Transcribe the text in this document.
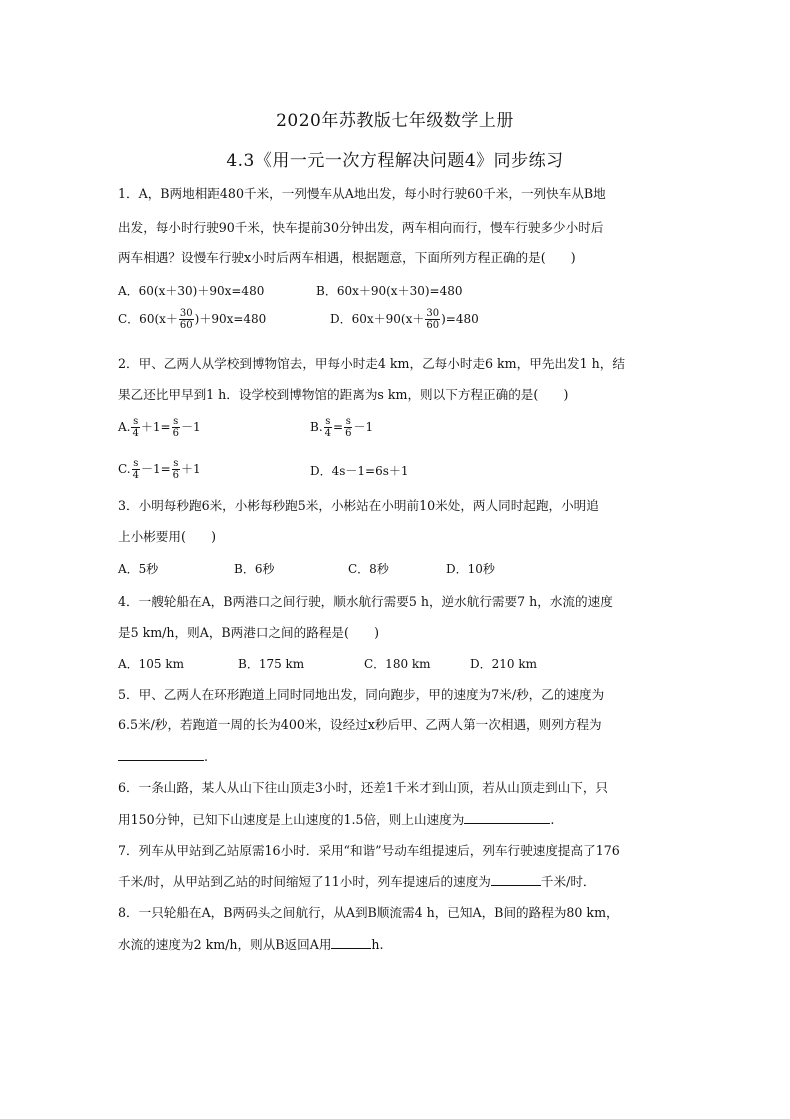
2020年苏教版七年级数学上册
4.3《用一元一次方程解决问题4》同步练习
1．A，B两地相距480千米，一列慢车从A地出发，每小时行驶60千米，一列快车从B地
出发，每小时行驶90千米，快车提前30分钟出发，两车相向而行，慢车行驶多少小时后
两车相遇？设慢车行驶x小时后两车相遇，根据题意，下面所列方程正确的是(　　)
A．60(x＋30)＋90x=480	B．60x＋90(x＋30)=480
C．$60(x+ \frac{30}{60} )+90x=480$	D．$60x+90(x+ \frac{30}{60} )=480$
2．甲、乙两人从学校到博物馆去，甲每小时走4 km，乙每小时走6 km，甲先出发1 h，结
果乙还比甲早到1 h．设学校到博物馆的距离为s km，则以下方程正确的是(　　)
A. $\frac{s}{4} +1= \frac{s}{6} -1$	B. $\frac{s}{4} = \frac{s}{6} -1$
C. $\frac{s}{4} -1= \frac{s}{6} +1$	D．4s－1=6s＋1
3．小明每秒跑6米，小彬每秒跑5米，小彬站在小明前10米处，两人同时起跑，小明追
上小彬要用(　　)
A．5秒	B．6秒	C．8秒	D．10秒
4．一艘轮船在A，B两港口之间行驶，顺水航行需要5 h，逆水航行需要7 h，水流的速度
是5 km/h，则A，B两港口之间的路程是(　　)
A．105 km	B．175 km	C．180 km	D．210 km
5．甲、乙两人在环形跑道上同时同地出发，同向跑步，甲的速度为7米/秒，乙的速度为
6.5米/秒，若跑道一周的长为400米，设经过x秒后甲、乙两人第一次相遇，则列方程为
.
6．一条山路，某人从山下往山顶走3小时，还差1千米才到山顶，若从山顶走到山下，只
用150分钟，已知下山速度是上山速度的1.5倍，则上山速度为	.
7．列车从甲站到乙站原需16小时．采用“和谐”号动车组提速后，列车行驶速度提高了176
千米/时，从甲站到乙站的时间缩短了11小时，列车提速后的速度为	千米/时．
8．一只轮船在A，B两码头之间航行，从A到B顺流需4 h，已知A，B间的路程为80 km，
水流的速度为2 km/h，则从B返回A用	h.
